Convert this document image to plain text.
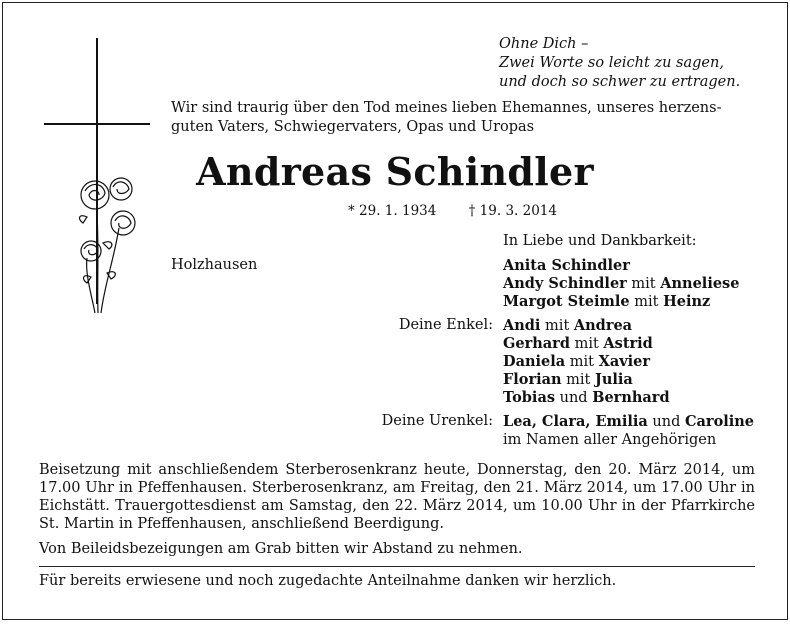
Ohne Dich –
Zwei Worte so leicht zu sagen,
und doch so schwer zu ertragen.
Wir sind traurig über den Tod meines lieben Ehemannes, unseres herzens-
guten Vaters, Schwiegervaters, Opas und Uropas
Andreas Schindler
* 29. 1. 1934 † 19. 3. 2014
In Liebe und Dankbarkeit:
Holzhausen	Anita Schindler
Andy Schindler mit Anneliese
Margot Steimle mit Heinz
Deine Enkel: Andi mit Andrea
Gerhard mit Astrid
Daniela mit Xavier
Florian mit Julia
Tobias und Bernhard
Deine Urenkel: Lea, Clara, Emilia und Caroline
im Namen aller Angehörigen
Beisetzung mit anschließendem Sterberosenkranz heute, Donnerstag, den 20. März 2014, um 17.00 Uhr in Pfeffenhausen. Sterberosenkranz, am Freitag, den 21. März 2014, um 17.00 Uhr in Eichstätt. Trauergottesdienst am Samstag, den 22. März 2014, um 10.00 Uhr in der Pfarrkirche St. Martin in Pfeffenhausen, anschließend Beerdigung.
Von Beileidsbezeigungen am Grab bitten wir Abstand zu nehmen.
Für bereits erwiesene und noch zugedachte Anteilnahme danken wir herzlich.
